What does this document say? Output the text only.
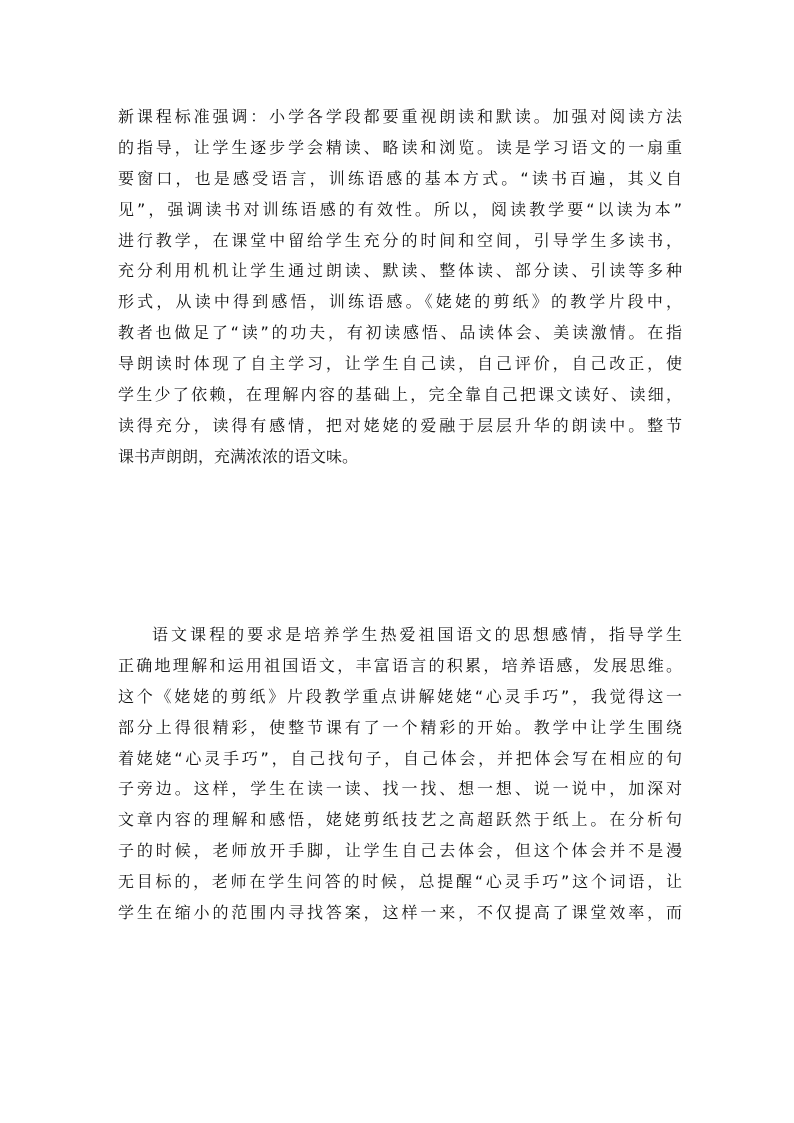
新课程标准强调：小学各学段都要重视朗读和默读。加强对阅读方法
的指导，让学生逐步学会精读、略读和浏览。读是学习语文的一扇重
要窗口，也是感受语言，训练语感的基本方式。“读书百遍，其义自
见”，强调读书对训练语感的有效性。所以，阅读教学要“以读为本”
进行教学，在课堂中留给学生充分的时间和空间，引导学生多读书，
充分利用机机让学生通过朗读、默读、整体读、部分读、引读等多种
形式，从读中得到感悟，训练语感。《姥姥的剪纸》的教学片段中，
教者也做足了“读”的功夫，有初读感悟、品读体会、美读激情。在指
导朗读时体现了自主学习，让学生自己读，自己评价，自己改正，使
学生少了依赖，在理解内容的基础上，完全靠自己把课文读好、读细，
读得充分，读得有感情，把对姥姥的爱融于层层升华的朗读中。整节
课书声朗朗，充满浓浓的语文味。
语文课程的要求是培养学生热爱祖国语文的思想感情，指导学生
正确地理解和运用祖国语文，丰富语言的积累，培养语感，发展思维。
这个《姥姥的剪纸》片段教学重点讲解姥姥“心灵手巧”，我觉得这一
部分上得很精彩，使整节课有了一个精彩的开始。教学中让学生围绕
着姥姥“心灵手巧”，自己找句子，自己体会，并把体会写在相应的句
子旁边。这样，学生在读一读、找一找、想一想、说一说中，加深对
文章内容的理解和感悟，姥姥剪纸技艺之高超跃然于纸上。在分析句
子的时候，老师放开手脚，让学生自己去体会，但这个体会并不是漫
无目标的，老师在学生问答的时候，总提醒“心灵手巧”这个词语，让
学生在缩小的范围内寻找答案，这样一来，不仅提高了课堂效率，而
